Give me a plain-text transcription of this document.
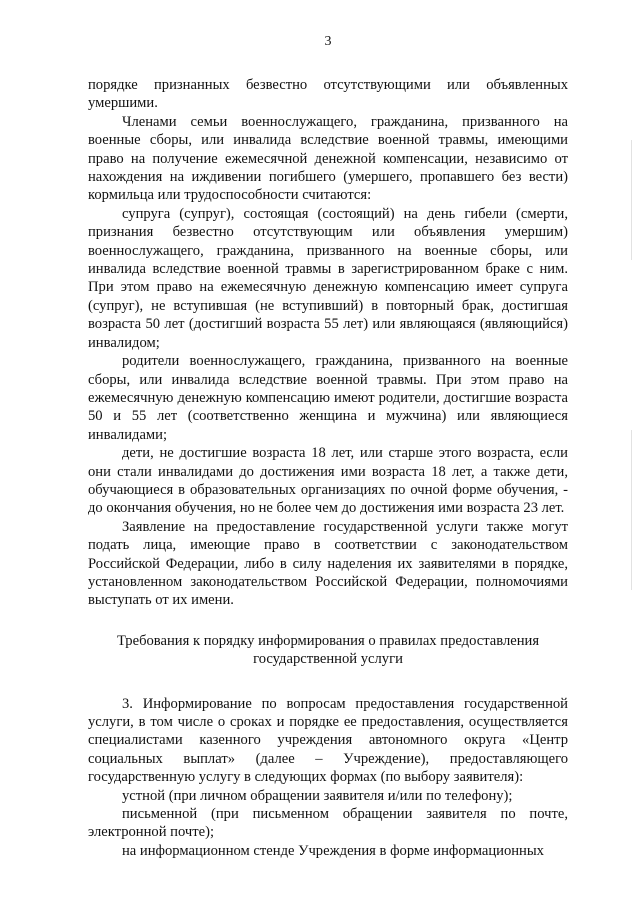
3

порядке признанных безвестно отсутствующими или объявленных умершими.

Членами семьи военнослужащего, гражданина, призванного на военные сборы, или инвалида вследствие военной травмы, имеющими право на получение ежемесячной денежной компенсации, независимо от нахождения на иждивении погибшего (умершего, пропавшего без вести) кормильца или трудоспособности считаются:

супруга (супруг), состоящая (состоящий) на день гибели (смерти, признания безвестно отсутствующим или объявления умершим) военнослужащего, гражданина, призванного на военные сборы, или инвалида вследствие военной травмы в зарегистрированном браке с ним. При этом право на ежемесячную денежную компенсацию имеет супруга (супруг), не вступившая (не вступивший) в повторный брак, достигшая возраста 50 лет (достигший возраста 55 лет) или являющаяся (являющийся) инвалидом;

родители военнослужащего, гражданина, призванного на военные сборы, или инвалида вследствие военной травмы. При этом право на ежемесячную денежную компенсацию имеют родители, достигшие возраста 50 и 55 лет (соответственно женщина и мужчина) или являющиеся инвалидами;

дети, не достигшие возраста 18 лет, или старше этого возраста, если они стали инвалидами до достижения ими возраста 18 лет, а также дети, обучающиеся в образовательных организациях по очной форме обучения, - до окончания обучения, но не более чем до достижения ими возраста 23 лет.

Заявление на предоставление государственной услуги также могут подать лица, имеющие право в соответствии с законодательством Российской Федерации, либо в силу наделения их заявителями в порядке, установленном законодательством Российской Федерации, полномочиями выступать от их имени.

Требования к порядку информирования о правилах предоставления государственной услуги

3. Информирование по вопросам предоставления государственной услуги, в том числе о сроках и порядке ее предоставления, осуществляется специалистами казенного учреждения автономного округа «Центр социальных выплат» (далее – Учреждение), предоставляющего государственную услугу в следующих формах (по выбору заявителя):

устной (при личном обращении заявителя и/или по телефону);

письменной (при письменном обращении заявителя по почте, электронной почте);

на информационном стенде Учреждения в форме информационных
